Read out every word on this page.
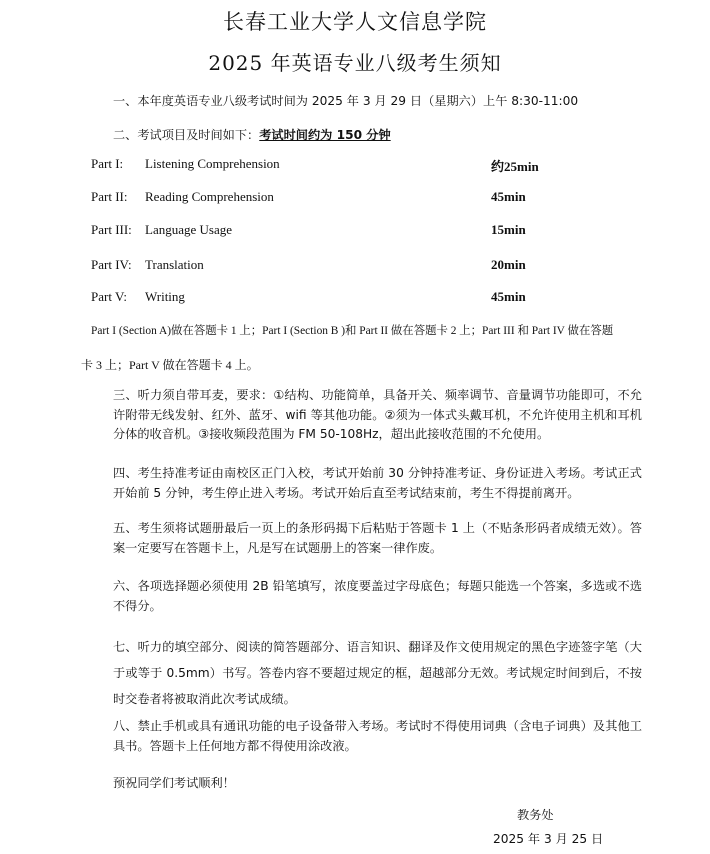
长春工业大学人文信息学院
2025 年英语专业八级考生须知
一、本年度英语专业八级考试时间为 2025 年 3 月 29 日（星期六）上午 8:30-11:00
二、考试项目及时间如下：考试时间约为 150 分钟
Part I: Listening Comprehension	约25min
Part II: Reading Comprehension	45min
Part III: Language Usage	15min
Part IV: Translation	20min
Part V: Writing	45min
Part I (Section A)做在答题卡 1 上；Part I (Section B )和 Part II 做在答题卡 2 上；Part III 和 Part IV 做在答题
卡 3 上；Part V 做在答题卡 4 上。
三、听力须自带耳麦，要求：①结构、功能简单，具备开关、频率调节、音量调节功能即可，不允许附带无线发射、红外、蓝牙、wifi 等其他功能。②须为一体式头戴耳机，不允许使用主机和耳机分体的收音机。③接收频段范围为 FM 50-108Hz，超出此接收范围的不允使用。
四、考生持准考证由南校区正门入校，考试开始前 30 分钟持准考证、身份证进入考场。考试正式开始前 5 分钟，考生停止进入考场。考试开始后直至考试结束前，考生不得提前离开。
五、考生须将试题册最后一页上的条形码揭下后粘贴于答题卡 1 上（不贴条形码者成绩无效）。答案一定要写在答题卡上，凡是写在试题册上的答案一律作废。
六、各项选择题必须使用 2B 铅笔填写，浓度要盖过字母底色；每题只能选一个答案，多选或不选不得分。
七、听力的填空部分、阅读的简答题部分、语言知识、翻译及作文使用规定的黑色字迹签字笔（大于或等于 0.5mm）书写。答卷内容不要超过规定的框，超越部分无效。考试规定时间到后，不按时交卷者将被取消此次考试成绩。
八、禁止手机或具有通讯功能的电子设备带入考场。考试时不得使用词典（含电子词典）及其他工具书。答题卡上任何地方都不得使用涂改液。
预祝同学们考试顺利！
教务处
2025 年 3 月 25 日
